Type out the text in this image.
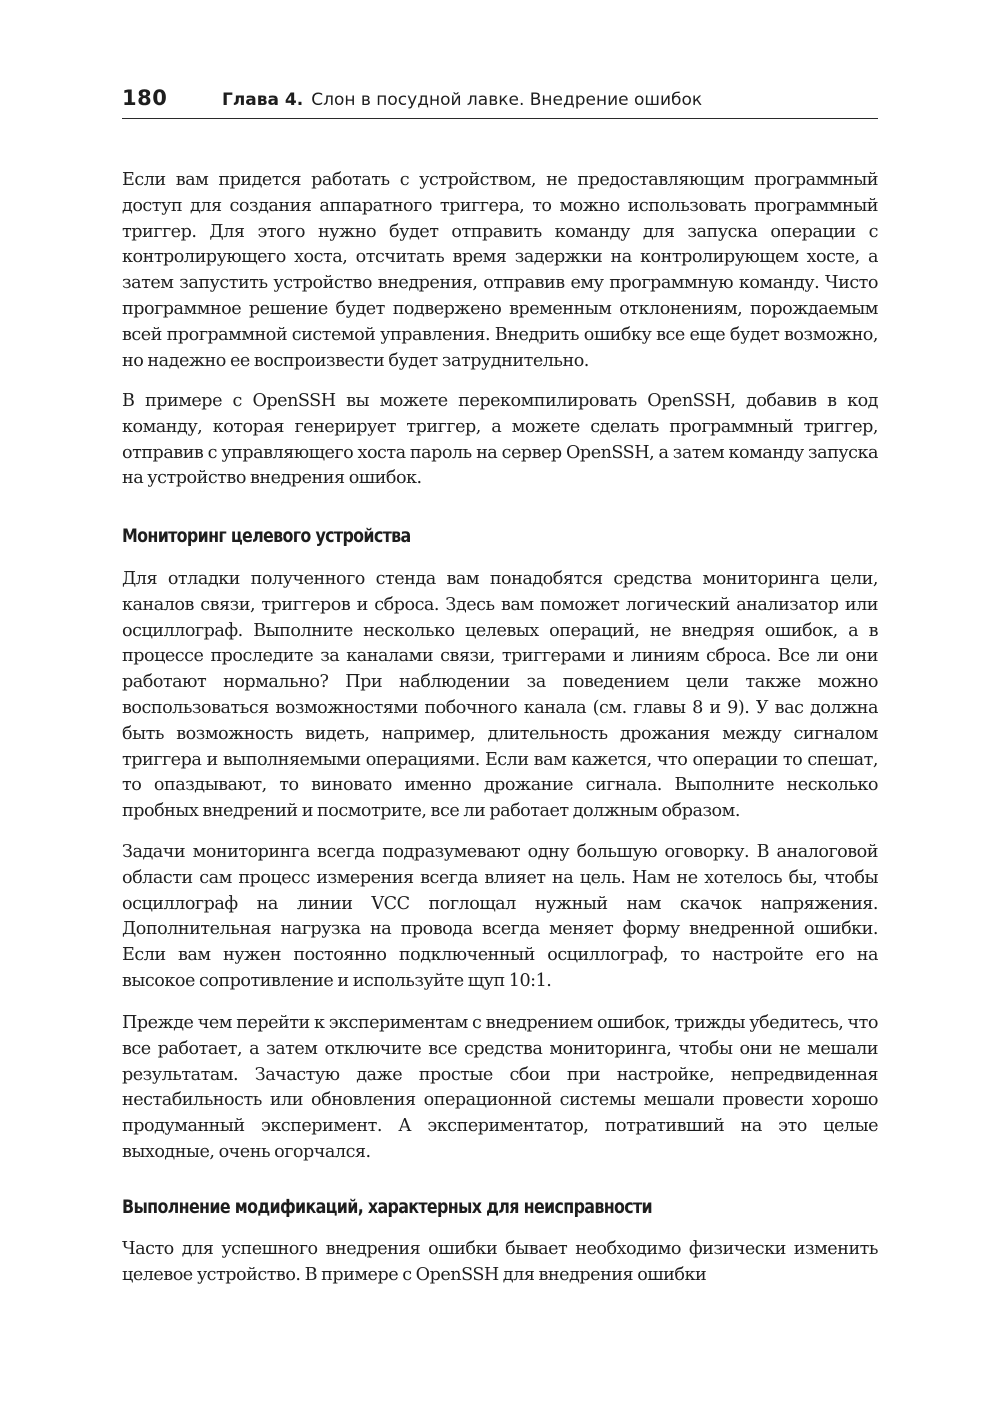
180	Глава 4. Слон в посудной лавке. Внедрение ошибок

Если вам придется работать с устройством, не предоставляющим программный доступ для создания аппаратного триггера, то можно использовать программный триггер. Для этого нужно будет отправить команду для запуска операции с контролирующего хоста, отсчитать время задержки на контролирующем хосте, а затем запустить устройство внедрения, отправив ему программную команду. Чисто программное решение будет подвержено временным отклонениям, порождаемым всей программной системой управления. Внедрить ошибку все еще будет возможно, но надежно ее воспроизвести будет затруднительно.

В примере с OpenSSH вы можете перекомпилировать OpenSSH, добавив в код команду, которая генерирует триггер, а можете сделать программный триггер, отправив с управляющего хоста пароль на сервер OpenSSH, а затем команду запуска на устройство внедрения ошибок.

Мониторинг целевого устройства

Для отладки полученного стенда вам понадобятся средства мониторинга цели, каналов связи, триггеров и сброса. Здесь вам поможет логический анализатор или осциллограф. Выполните несколько целевых операций, не внедряя ошибок, а в процессе проследите за каналами связи, триггерами и линиям сброса. Все ли они работают нормально? При наблюдении за поведением цели также можно воспользоваться возможностями побочного канала (см. главы 8 и 9). У вас должна быть возможность видеть, например, длительность дрожания между сигналом триггера и выполняемыми операциями. Если вам кажется, что операции то спешат, то опаздывают, то виновато именно дрожание сигнала. Выполните несколько пробных внедрений и посмотрите, все ли работает должным образом.

Задачи мониторинга всегда подразумевают одну большую оговорку. В аналоговой области сам процесс измерения всегда влияет на цель. Нам не хотелось бы, чтобы осциллограф на линии VCC поглощал нужный нам скачок напряжения. Дополнительная нагрузка на провода всегда меняет форму внедренной ошибки. Если вам нужен постоянно подключенный осциллограф, то настройте его на высокое сопротивление и используйте щуп 10:1.

Прежде чем перейти к экспериментам с внедрением ошибок, трижды убедитесь, что все работает, а затем отключите все средства мониторинга, чтобы они не мешали результатам. Зачастую даже простые сбои при настройке, непредвиденная нестабильность или обновления операционной системы мешали провести хорошо продуманный эксперимент. А экспериментатор, потративший на это целые выходные, очень огорчался.

Выполнение модификаций, характерных для неисправности

Часто для успешного внедрения ошибки бывает необходимо физически изменить целевое устройство. В примере с OpenSSH для внедрения ошибки
